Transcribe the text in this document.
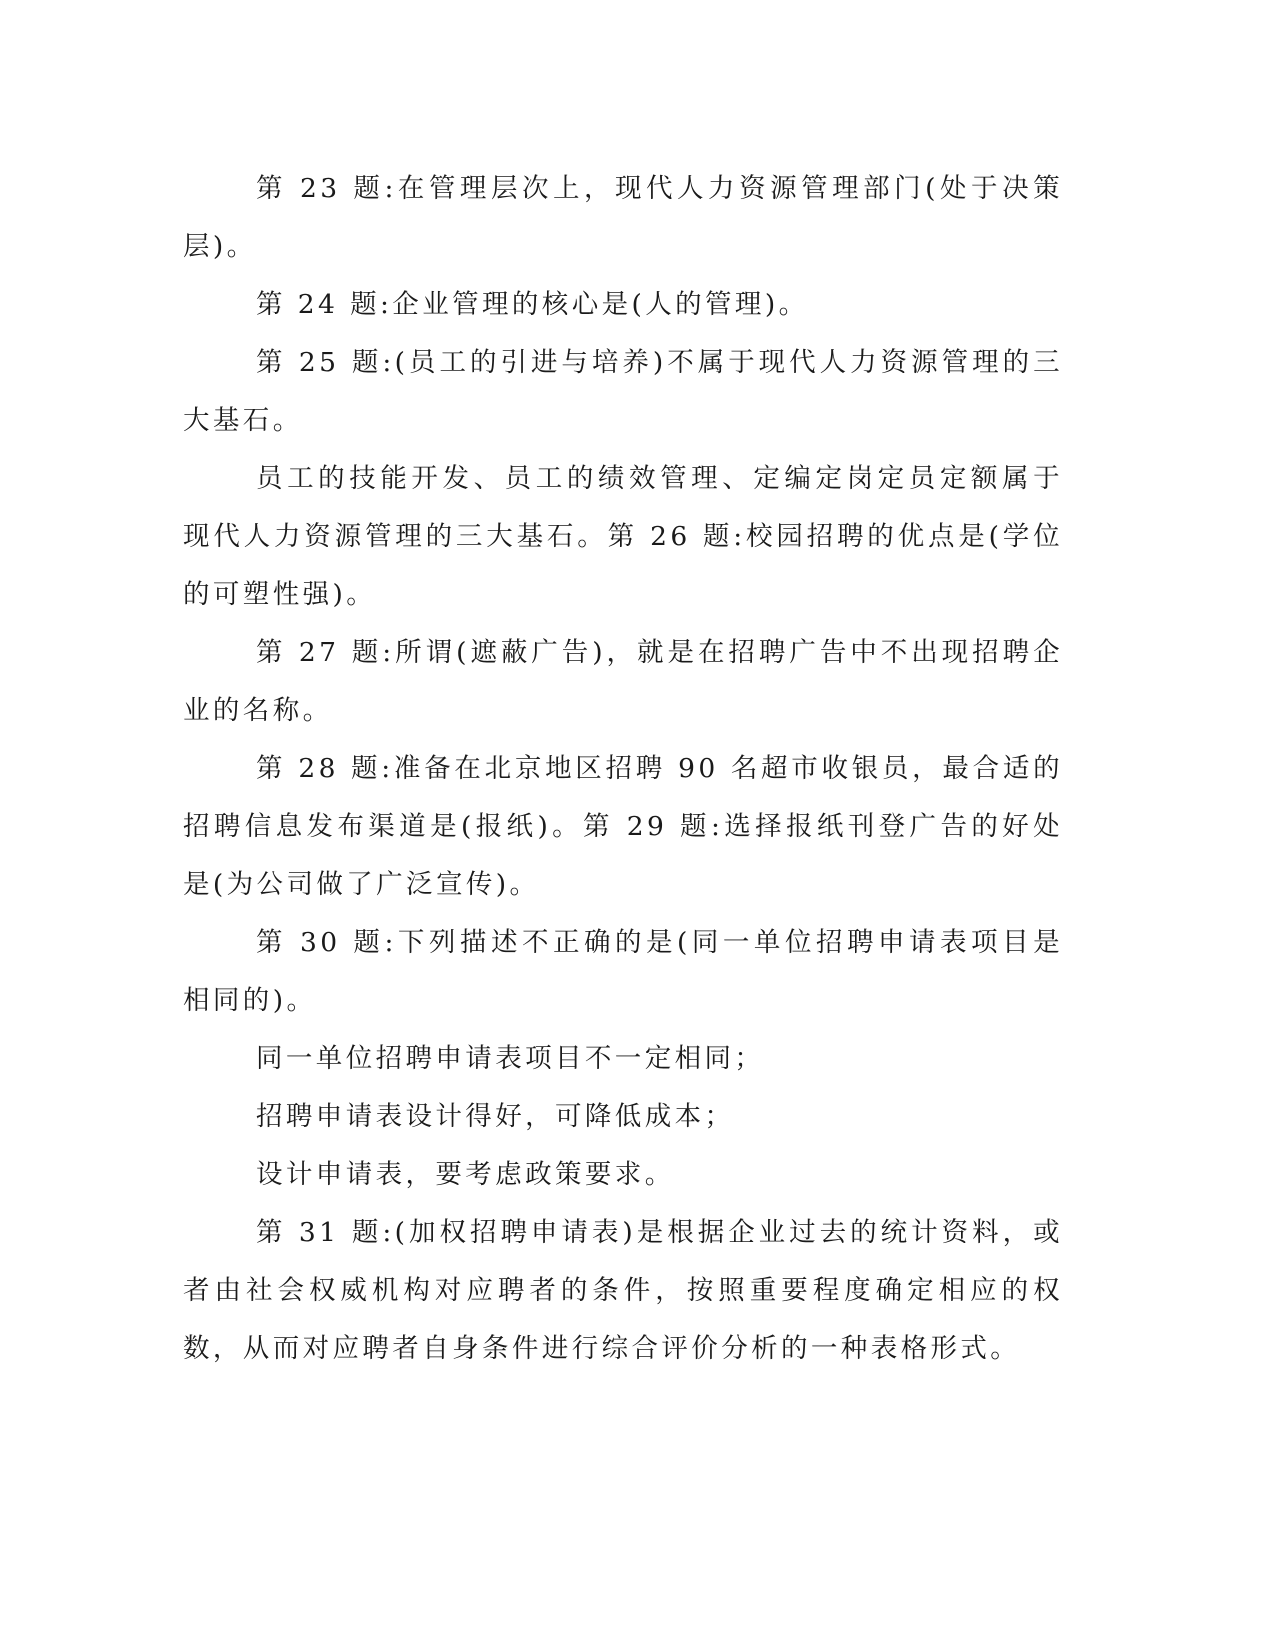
第 23 题:在管理层次上，现代人力资源管理部门(处于决策层)。

第 24 题:企业管理的核心是(人的管理)。

第 25 题:(员工的引进与培养)不属于现代人力资源管理的三大基石。

员工的技能开发、员工的绩效管理、定编定岗定员定额属于现代人力资源管理的三大基石。第 26 题:校园招聘的优点是(学位的可塑性强)。

第 27 题:所谓(遮蔽广告)，就是在招聘广告中不出现招聘企业的名称。

第 28 题:准备在北京地区招聘 90 名超市收银员，最合适的招聘信息发布渠道是(报纸)。第 29 题:选择报纸刊登广告的好处是(为公司做了广泛宣传)。

第 30 题:下列描述不正确的是(同一单位招聘申请表项目是相同的)。

同一单位招聘申请表项目不一定相同；

招聘申请表设计得好，可降低成本；

设计申请表，要考虑政策要求。

第 31 题:(加权招聘申请表)是根据企业过去的统计资料，或者由社会权威机构对应聘者的条件，按照重要程度确定相应的权数，从而对应聘者自身条件进行综合评价分析的一种表格形式。
